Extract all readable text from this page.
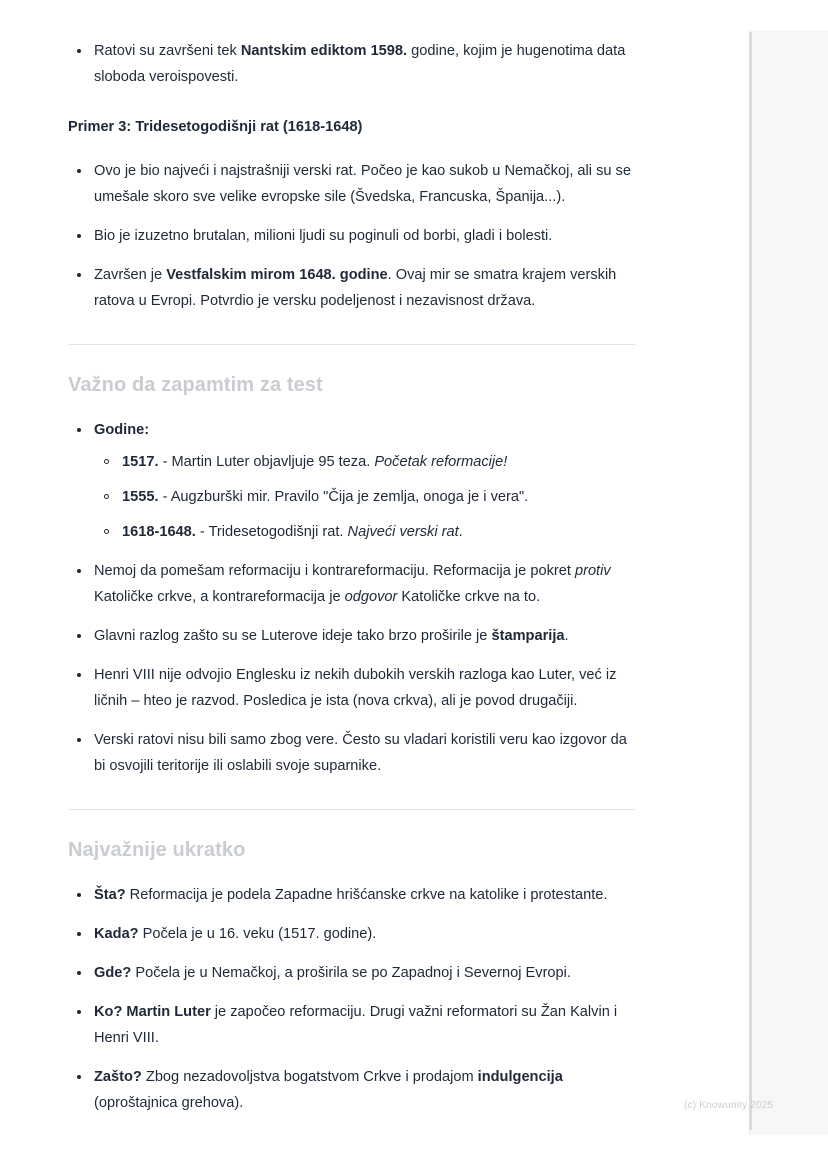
Ratovi su završeni tek Nantskim ediktom 1598. godine, kojim je hugenotima data sloboda veroispovesti.
Primer 3: Tridesetogodišnji rat (1618-1648)
Ovo je bio najveći i najstrašniji verski rat. Počeo je kao sukob u Nemačkoj, ali su se umešale skoro sve velike evropske sile (Švedska, Francuska, Španija...).
Bio je izuzetno brutalan, milioni ljudi su poginuli od borbi, gladi i bolesti.
Završen je Vestfalskim mirom 1648. godine. Ovaj mir se smatra krajem verskih ratova u Evropi. Potvrdio je versku podeljenost i nezavisnost država.
Važno da zapamtim za test
Godine:
1517. - Martin Luter objavljuje 95 teza. Početak reformacije!
1555. - Augzburški mir. Pravilo "Čija je zemlja, onoga je i vera".
1618-1648. - Tridesetogodišnji rat. Najveći verski rat.
Nemoj da pomešam reformaciju i kontrareformaciju. Reformacija je pokret protiv Katoličke crkve, a kontrareformacija je odgovor Katoličke crkve na to.
Glavni razlog zašto su se Luterove ideje tako brzo proširile je štamparija.
Henri VIII nije odvojio Englesku iz nekih dubokih verskih razloga kao Luter, već iz ličnih – hteo je razvod. Posledica je ista (nova crkva), ali je povod drugačiji.
Verski ratovi nisu bili samo zbog vere. Često su vladari koristili veru kao izgovor da bi osvojili teritorije ili oslabili svoje suparnike.
Najvažnije ukratko
Šta? Reformacija je podela Zapadne hrišćanske crkve na katolike i protestante.
Kada? Počela je u 16. veku (1517. godine).
Gde? Počela je u Nemačkoj, a proširila se po Zapadnoj i Severnoj Evropi.
Ko? Martin Luter je započeo reformaciju. Drugi važni reformatori su Žan Kalvin i Henri VIII.
Zašto? Zbog nezadovoljstva bogatstvom Crkve i prodajom indulgencija (oproštajnica grehova).	(c) Knowunity 2025
